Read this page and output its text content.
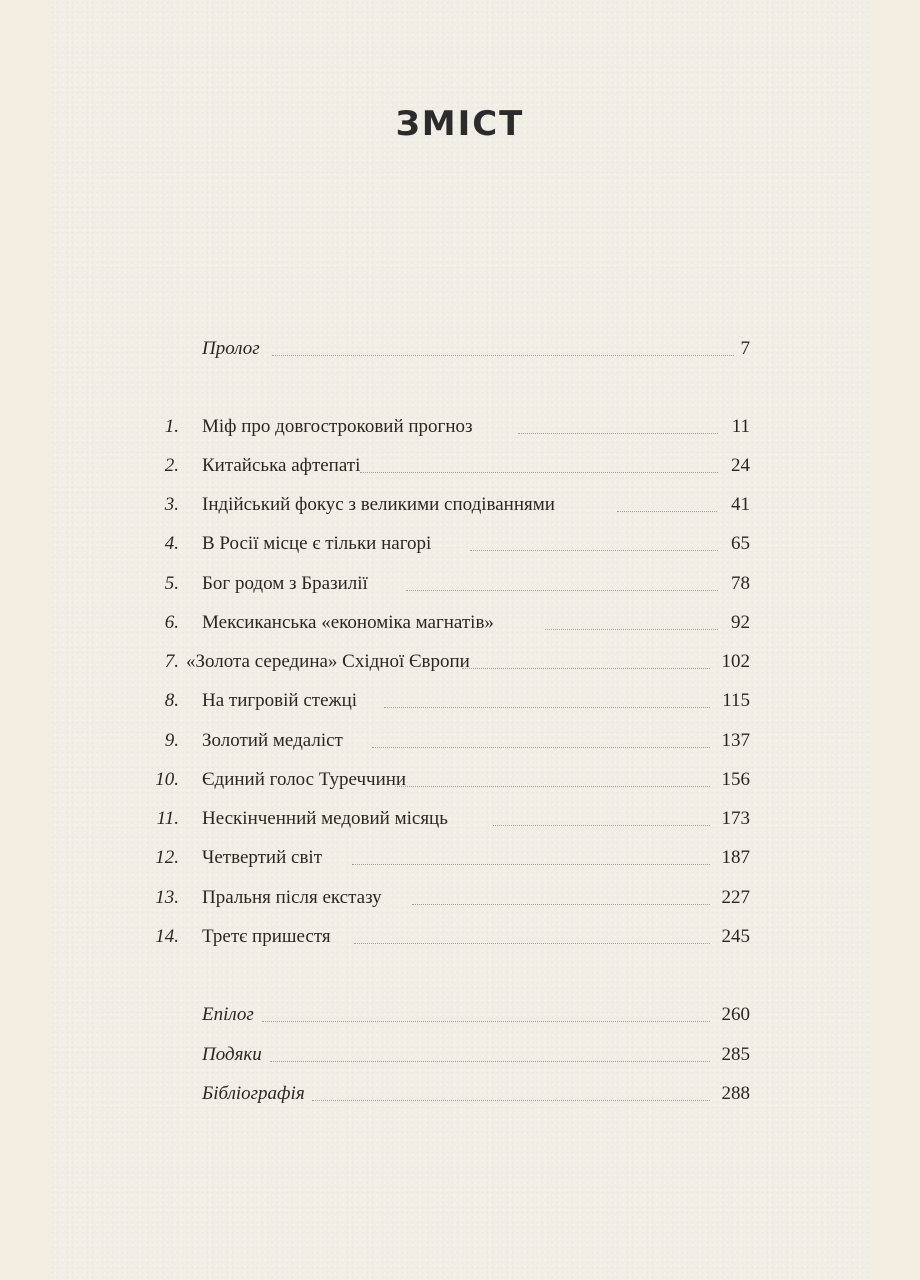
ЗМІСТ
Пролог	7
1. Міф про довгостроковий прогноз	11
2. Китайська афтепаті	24
3. Індійський фокус з великими сподіваннями	41
4. В Росії місце є тільки нагорі	65
5. Бог родом з Бразилії	78
6. Мексиканська «економіка магнатів»	92
7. «Золота середина» Східної Європи	102
8. На тигровій стежці	115
9. Золотий медаліст	137
10. Єдиний голос Туреччини	156
11. Нескінченний медовий місяць	173
12. Четвертий світ	187
13. Пральня після екстазу	227
14. Третє пришестя	245
Епілог	260
Подяки	285
Бібліографія	288
